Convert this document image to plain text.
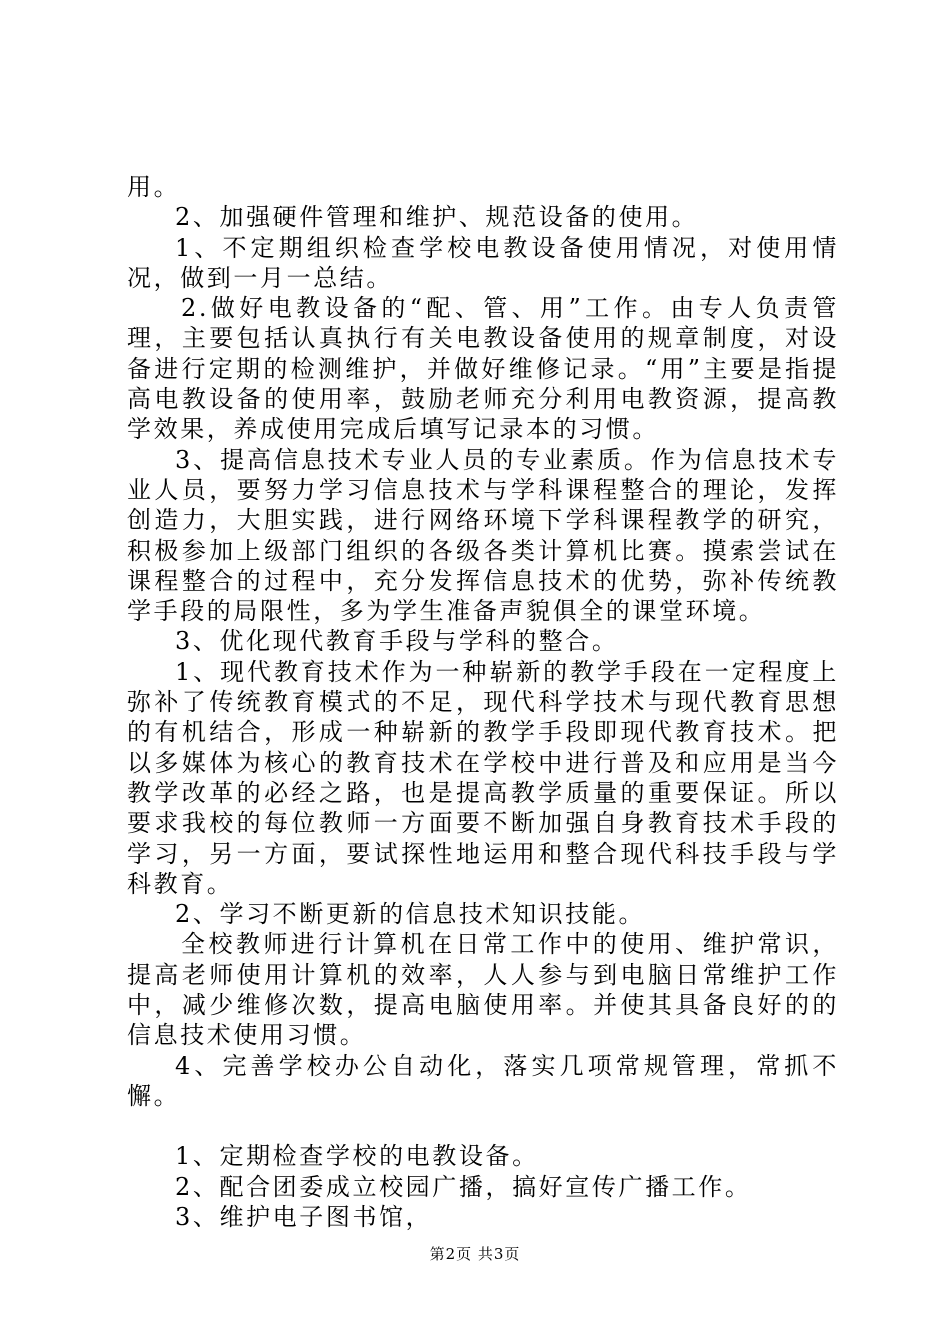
用。

2、加强硬件管理和维护、规范设备的使用。

1、不定期组织检查学校电教设备使用情况，对使用情况，做到一月一总结。

2.做好电教设备的“配、管、用”工作。由专人负责管理，主要包括认真执行有关电教设备使用的规章制度，对设备进行定期的检测维护，并做好维修记录。“用”主要是指提高电教设备的使用率，鼓励老师充分利用电教资源，提高教学效果，养成使用完成后填写记录本的习惯。

3、提高信息技术专业人员的专业素质。作为信息技术专业人员，要努力学习信息技术与学科课程整合的理论，发挥创造力，大胆实践，进行网络环境下学科课程教学的研究，积极参加上级部门组织的各级各类计算机比赛。摸索尝试在课程整合的过程中，充分发挥信息技术的优势，弥补传统教学手段的局限性，多为学生准备声貌俱全的课堂环境。

3、优化现代教育手段与学科的整合。

1、现代教育技术作为一种崭新的教学手段在一定程度上弥补了传统教育模式的不足，现代科学技术与现代教育思想的有机结合，形成一种崭新的教学手段即现代教育技术。把以多媒体为核心的教育技术在学校中进行普及和应用是当今教学改革的必经之路，也是提高教学质量的重要保证。所以要求我校的每位教师一方面要不断加强自身教育技术手段的学习，另一方面，要试探性地运用和整合现代科技手段与学科教育。

2、学习不断更新的信息技术知识技能。

全校教师进行计算机在日常工作中的使用、维护常识，提高老师使用计算机的效率，人人参与到电脑日常维护工作中，减少维修次数，提高电脑使用率。并使其具备良好的的信息技术使用习惯。

4、完善学校办公自动化，落实几项常规管理，常抓不懈。

1、定期检查学校的电教设备。

2、配合团委成立校园广播，搞好宣传广播工作。

3、维护电子图书馆，

第2页 共3页
